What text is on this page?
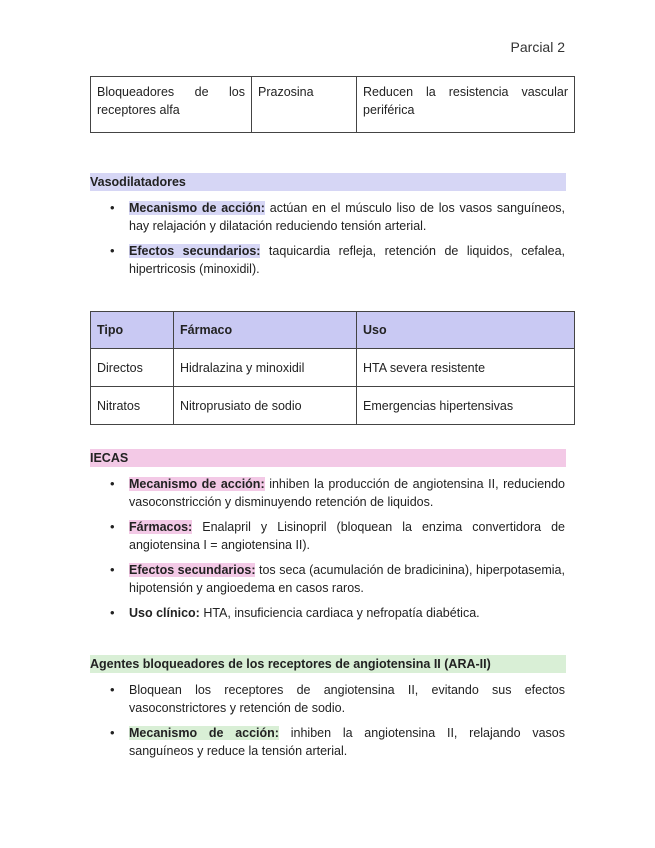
Parcial 2
Bloqueadores de los receptores alfa	Prazosina	Reducen la resistencia vascular periférica
Vasodilatadores
• Mecanismo de acción: actúan en el músculo liso de los vasos sanguíneos, hay relajación y dilatación reduciendo tensión arterial.
• Efectos secundarios: taquicardia refleja, retención de liquidos, cefalea, hipertricosis (minoxidil).
Tipo	Fármaco	Uso
Directos	Hidralazina y minoxidil	HTA severa resistente
Nitratos	Nitroprusiato de sodio	Emergencias hipertensivas
IECAS
• Mecanismo de acción: inhiben la producción de angiotensina II, reduciendo vasoconstricción y disminuyendo retención de liquidos.
• Fármacos: Enalapril y Lisinopril (bloquean la enzima convertidora de angiotensina I = angiotensina II).
• Efectos secundarios: tos seca (acumulación de bradicinina), hiperpotasemia, hipotensión y angioedema en casos raros.
• Uso clínico: HTA, insuficiencia cardiaca y nefropatía diabética.
Agentes bloqueadores de los receptores de angiotensina II (ARA-II)
• Bloquean los receptores de angiotensina II, evitando sus efectos vasoconstrictores y retención de sodio.
• Mecanismo de acción: inhiben la angiotensina II, relajando vasos sanguíneos y reduce la tensión arterial.
